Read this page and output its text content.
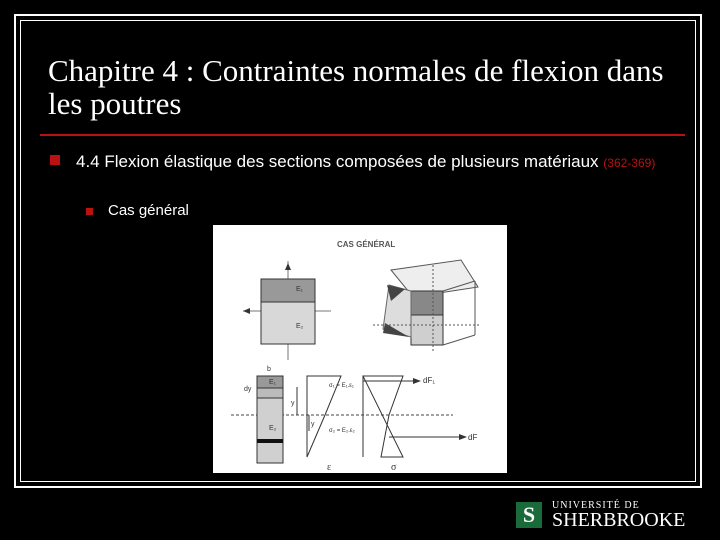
Chapitre 4 : Contraintes normales de flexion dans les poutres
4.4 Flexion élastique des sections composées de plusieurs matériaux (362-369)
Cas général
CAS GÉNÉRAL
E₁
E₂
b
dy
E₁
E₂
y
y
ε
σ₁ = E₁.ε₁
σ₂ = E₂.ε₂
dF₁
dF
σ
S	UNIVERSITÉ DE
SHERBROOKE
